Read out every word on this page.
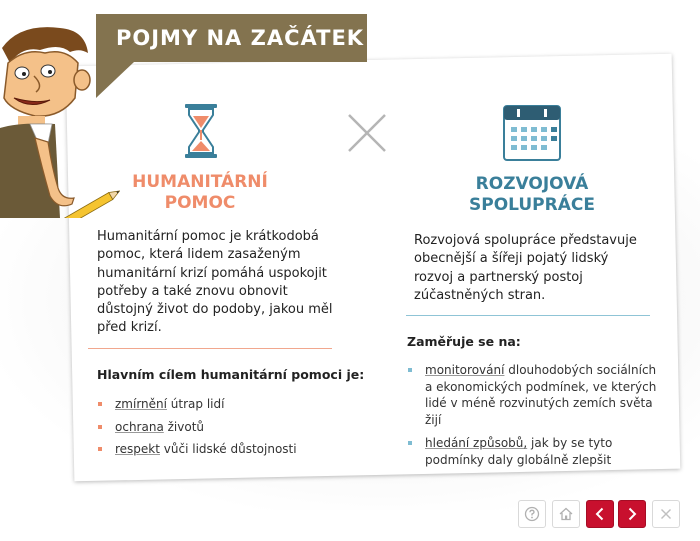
POJMY NA ZAČÁTEK
HUMANITÁRNÍ
POMOC
Humanitární pomoc je krátkodobá pomoc, která lidem zasaženým humanitární krizí pomáhá uspokojit potřeby a také znovu obnovit důstojný život do podoby, jakou měl před krizí.
Hlavním cílem humanitární pomoci je:
zmírnění útrap lidí
ochrana životů
respekt vůči lidské důstojnosti
ROZVOJOVÁ
SPOLUPRÁCE
Rozvojová spolupráce představuje obecnější a šířeji pojatý lidský rozvoj a partnerský postoj zúčastněných stran.
Zaměřuje se na:
monitorování dlouhodobých sociálních a ekonomických podmínek, ve kterých lidé v méně rozvinutých zemích světa žijí
hledání způsobů, jak by se tyto podmínky daly globálně zlepšit
